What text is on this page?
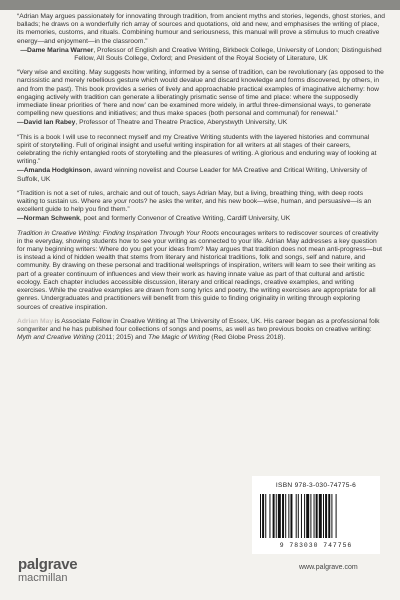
“Adrian May argues passionately for innovating through tradition, from ancient myths and stories, legends, ghost stories, and ballads; he draws on a wonderfully rich array of sources and quotations, old and new, and emphasises the writing of place, its memories, customs, and rituals. Combining humour and seriousness, this manual will prove a stimulus to much creative energy—and enjoyment—in the classroom.”

—Dame Marina Warner, Professor of English and Creative Writing, Birkbeck College, University of London; Distinguished Fellow, All Souls College, Oxford; and President of the Royal Society of Literature, UK

“Very wise and exciting. May suggests how writing, informed by a sense of tradition, can be revolutionary (as opposed to the narcissistic and merely rebellious gesture which would devalue and discard knowledge and forms discovered, by others, in and from the past). This book provides a series of lively and approachable practical examples of imaginative alchemy: how engaging actively with tradition can generate a liberatingly prismatic sense of time and place: where the supposedly immediate linear priorities of ‘here and now’ can be examined more widely, in artful three-dimensional ways, to generate compelling new questions and initiatives; and thus make spaces (both personal and communal) for renewal.”

—David Ian Rabey, Professor of Theatre and Theatre Practice, Aberystwyth University, UK

“This is a book I will use to reconnect myself and my Creative Writing students with the layered histories and communal spirit of storytelling. Full of original insight and useful writing inspiration for all writers at all stages of their careers, celebrating the richly entangled roots of storytelling and the pleasures of writing. A glorious and enduring way of looking at writing.”

—Amanda Hodgkinson, award winning novelist and Course Leader for MA Creative and Critical Writing, University of Suffolk, UK

“Tradition is not a set of rules, archaic and out of touch, says Adrian May, but a living, breathing thing, with deep roots waiting to sustain us. Where are your roots? he asks the writer, and his new book—wise, human, and persuasive—is an excellent guide to help you find them.”

—Norman Schwenk, poet and formerly Convenor of Creative Writing, Cardiff University, UK

Tradition in Creative Writing: Finding Inspiration Through Your Roots encourages writers to rediscover sources of creativity in the everyday, showing students how to see your writing as connected to your life. Adrian May addresses a key question for many beginning writers: Where do you get your ideas from? May argues that tradition does not mean anti-progress—but is instead a kind of hidden wealth that stems from literary and historical traditions, folk and songs, self and nature, and community. By drawing on these personal and traditional wellsprings of inspiration, writers will learn to see their writing as part of a greater continuum of influences and view their work as having innate value as part of that cultural and artistic ecology. Each chapter includes accessible discussion, literary and critical readings, creative examples, and writing exercises. While the creative examples are drawn from song lyrics and poetry, the writing exercises are appropriate for all genres. Undergraduates and practitioners will benefit from this guide to finding originality in writing through exploring sources of creative inspiration.

Adrian May is Associate Fellow in Creative Writing at The University of Essex, UK. His career began as a professional folk songwriter and he has published four collections of songs and poems, as well as two previous books on creative writing: Myth and Creative Writing (2011; 2015) and The Magic of Writing (Red Globe Press 2018).

ISBN 978-3-030-74775-6
9 783030 747756
palgrave
macmillan
www.palgrave.com
